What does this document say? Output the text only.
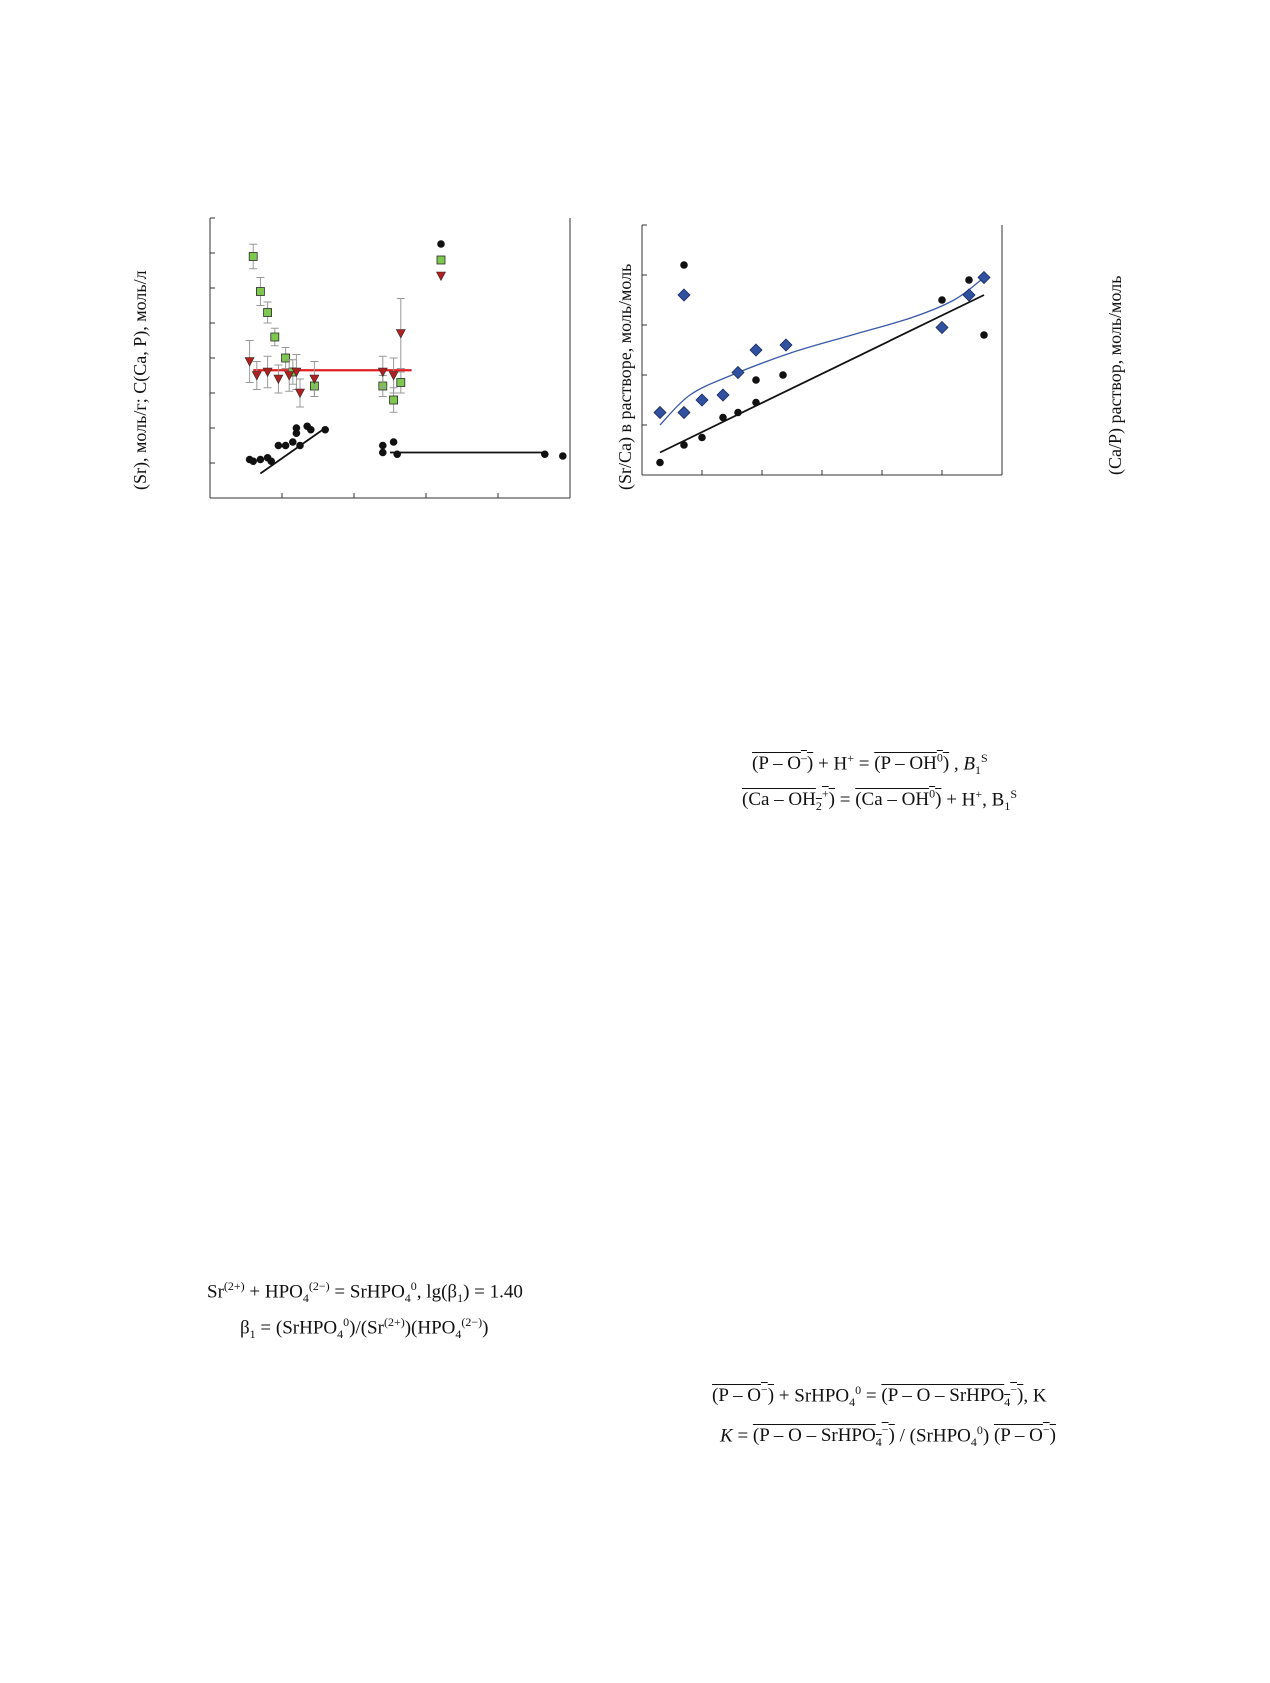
(Sr), моль/г; C(Ca, P), моль/л	(Sr/Ca) в растворе, моль/моль	(Ca/P) раствор, моль/моль
$(P - O^-) + H^+ = (P - OH^0)$ , $B_1^S$
$(Ca - OH_2^+) = (Ca - OH^0) + H^+$, $B_1^S$
$Sr^{(2+)} + HPO_4^{(2-)}$ = SrHPO$_4^0$, $\lg(\beta_1) = 1.40$
$\beta_1$ = $(SrHPO_4^0)/(Sr^{(2+)})(HPO_4^{(2-)})$
(P – O−) + SrHPO$_4^0$ = (P – O – SrHPO$_4$−), K
K = (P – O – SrHPO$_4$−) / (SrHPO$_4^0$) (P – O−)
